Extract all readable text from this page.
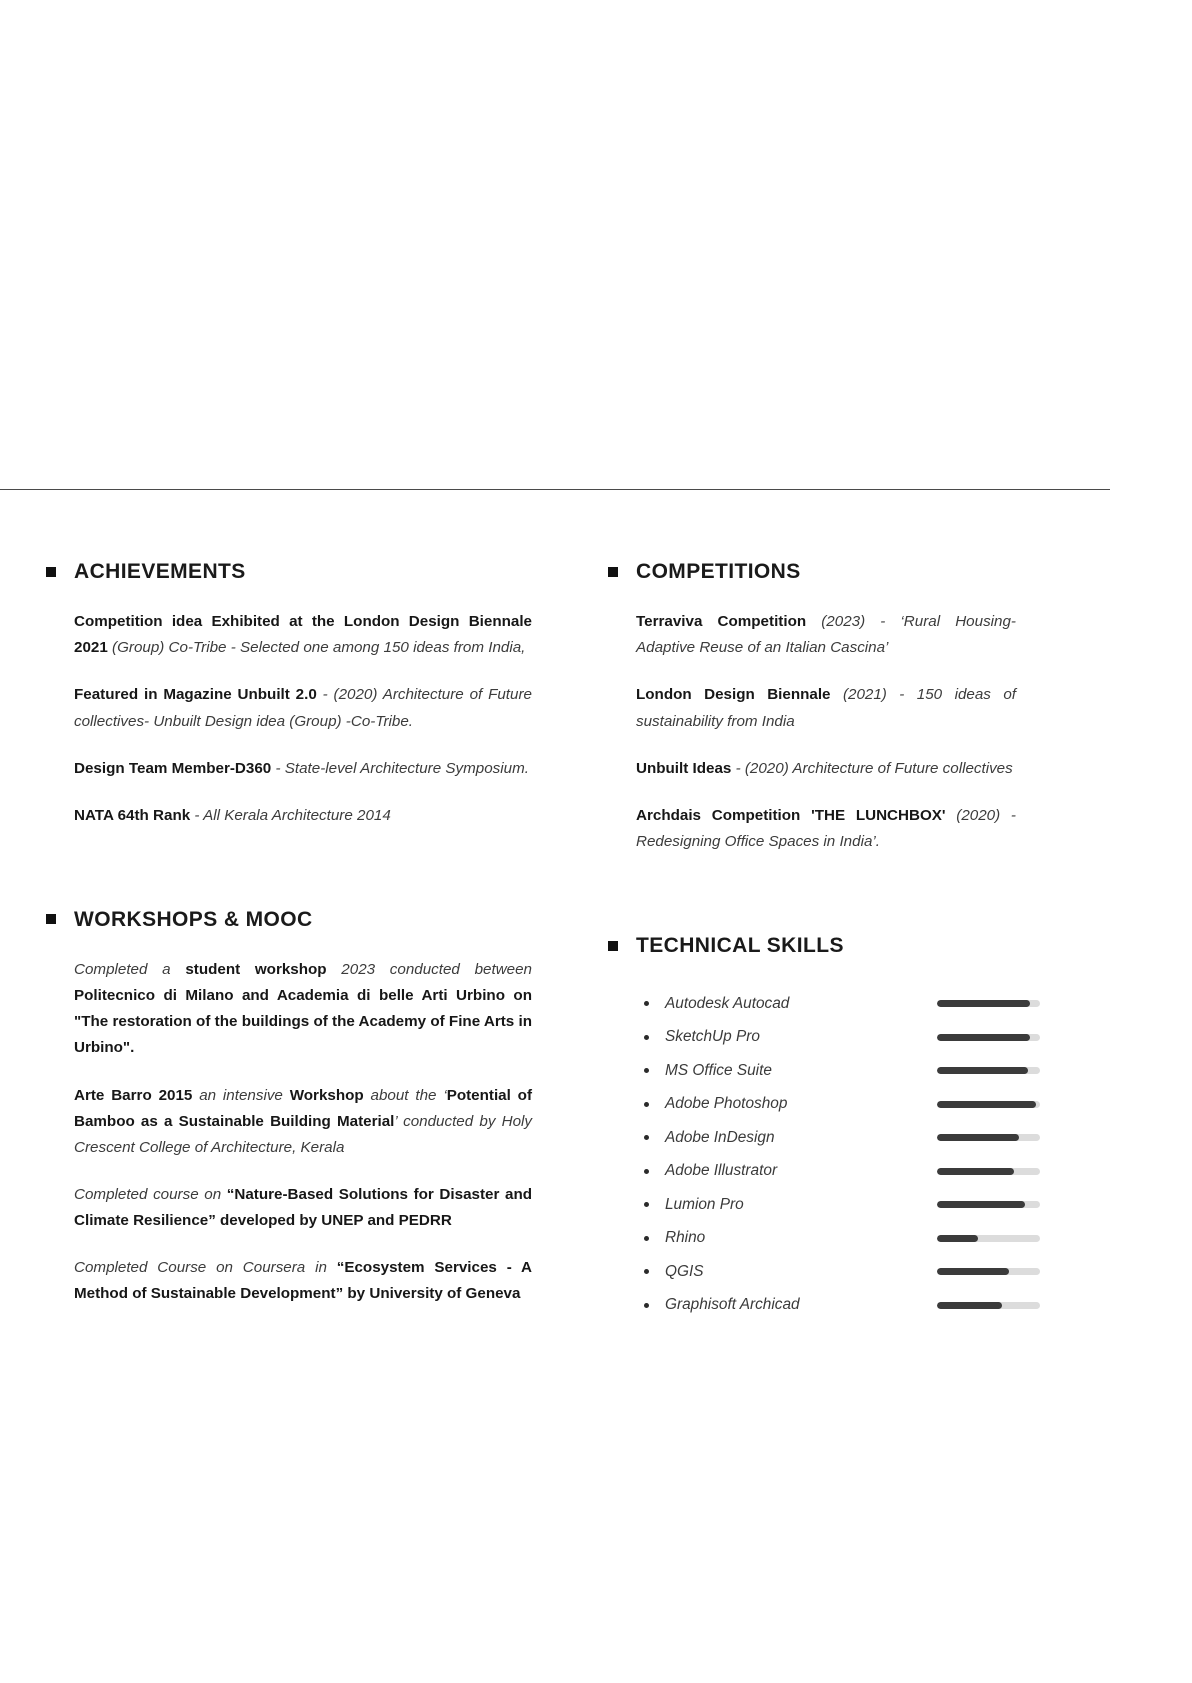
ACHIEVEMENTS

Competition idea Exhibited at the London Design Biennale 2021 (Group) Co-Tribe - Selected one among 150 ideas from India,

Featured in Magazine Unbuilt 2.0 - (2020) Architecture of Future collectives- Unbuilt Design idea (Group) -Co-Tribe.

Design Team Member-D360 - State-level Architecture Symposium.

NATA 64th Rank - All Kerala Architecture 2014

WORKSHOPS & MOOC

Completed a student workshop 2023 conducted between Politecnico di Milano and Academia di belle Arti Urbino on "The restoration of the buildings of the Academy of Fine Arts in Urbino".

Arte Barro 2015 an intensive Workshop about the ‘Potential of Bamboo as a Sustainable Building Material’ conducted by Holy Crescent College of Architecture, Kerala

Completed course on “Nature-Based Solutions for Disaster and Climate Resilience” developed by UNEP and PEDRR

Completed Course on Coursera in “Ecosystem Services - A Method of Sustainable Development” by University of Geneva

COMPETITIONS

Terraviva Competition (2023) - ‘Rural Housing-Adaptive Reuse of an Italian Cascina’

London Design Biennale (2021) - 150 ideas of sustainability from India

Unbuilt Ideas - (2020) Architecture of Future collectives

Archdais Competition 'THE LUNCHBOX' (2020) - Redesigning Office Spaces in India’.

TECHNICAL SKILLS
Autodesk Autocad
SketchUp Pro
MS Office Suite
Adobe Photoshop
Adobe InDesign
Adobe Illustrator
Lumion Pro
Rhino
QGIS
Graphisoft Archicad
